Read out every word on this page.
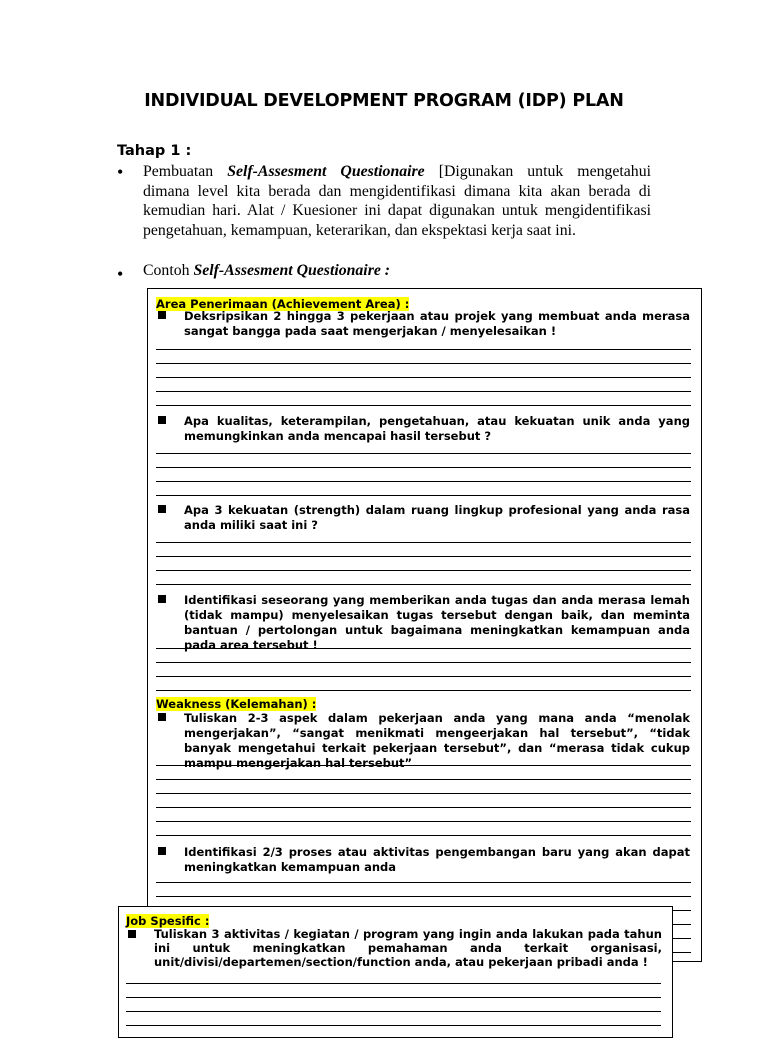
INDIVIDUAL DEVELOPMENT PROGRAM (IDP) PLAN
Tahap 1 :
• Pembuatan Self-Assesment Questionaire [Digunakan untuk mengetahui dimana level kita berada dan mengidentifikasi dimana kita akan berada di kemudian hari. Alat / Kuesioner ini dapat digunakan untuk mengidentifikasi pengetahuan, kemampuan, keterarikan, dan ekspektasi kerja saat ini.
• Contoh Self-Assesment Questionaire :
Area Penerimaan (Achievement Area) :
Deksripsikan 2 hingga 3 pekerjaan atau projek yang membuat anda merasa sangat bangga pada saat mengerjakan / menyelesaikan !
Apa kualitas, keterampilan, pengetahuan, atau kekuatan unik anda yang memungkinkan anda mencapai hasil tersebut ?
Apa 3 kekuatan (strength) dalam ruang lingkup profesional yang anda rasa anda miliki saat ini ?
Identifikasi seseorang yang memberikan anda tugas dan anda merasa lemah (tidak mampu) menyelesaikan tugas tersebut dengan baik, dan meminta bantuan / pertolongan untuk bagaimana meningkatkan kemampuan anda pada area tersebut !
Weakness (Kelemahan) :
Tuliskan 2-3 aspek dalam pekerjaan anda yang mana anda “menolak mengerjakan”, “sangat menikmati mengeerjakan hal tersebut”, “tidak banyak mengetahui terkait pekerjaan tersebut”, dan “merasa tidak cukup mampu mengerjakan hal tersebut”
Identifikasi 2/3 proses atau aktivitas pengembangan baru yang akan dapat meningkatkan kemampuan anda
Job Spesific :
Tuliskan 3 aktivitas / kegiatan / program yang ingin anda lakukan pada tahun ini untuk meningkatkan pemahaman anda terkait organisasi, unit/divisi/departemen/section/function anda, atau pekerjaan pribadi anda !
